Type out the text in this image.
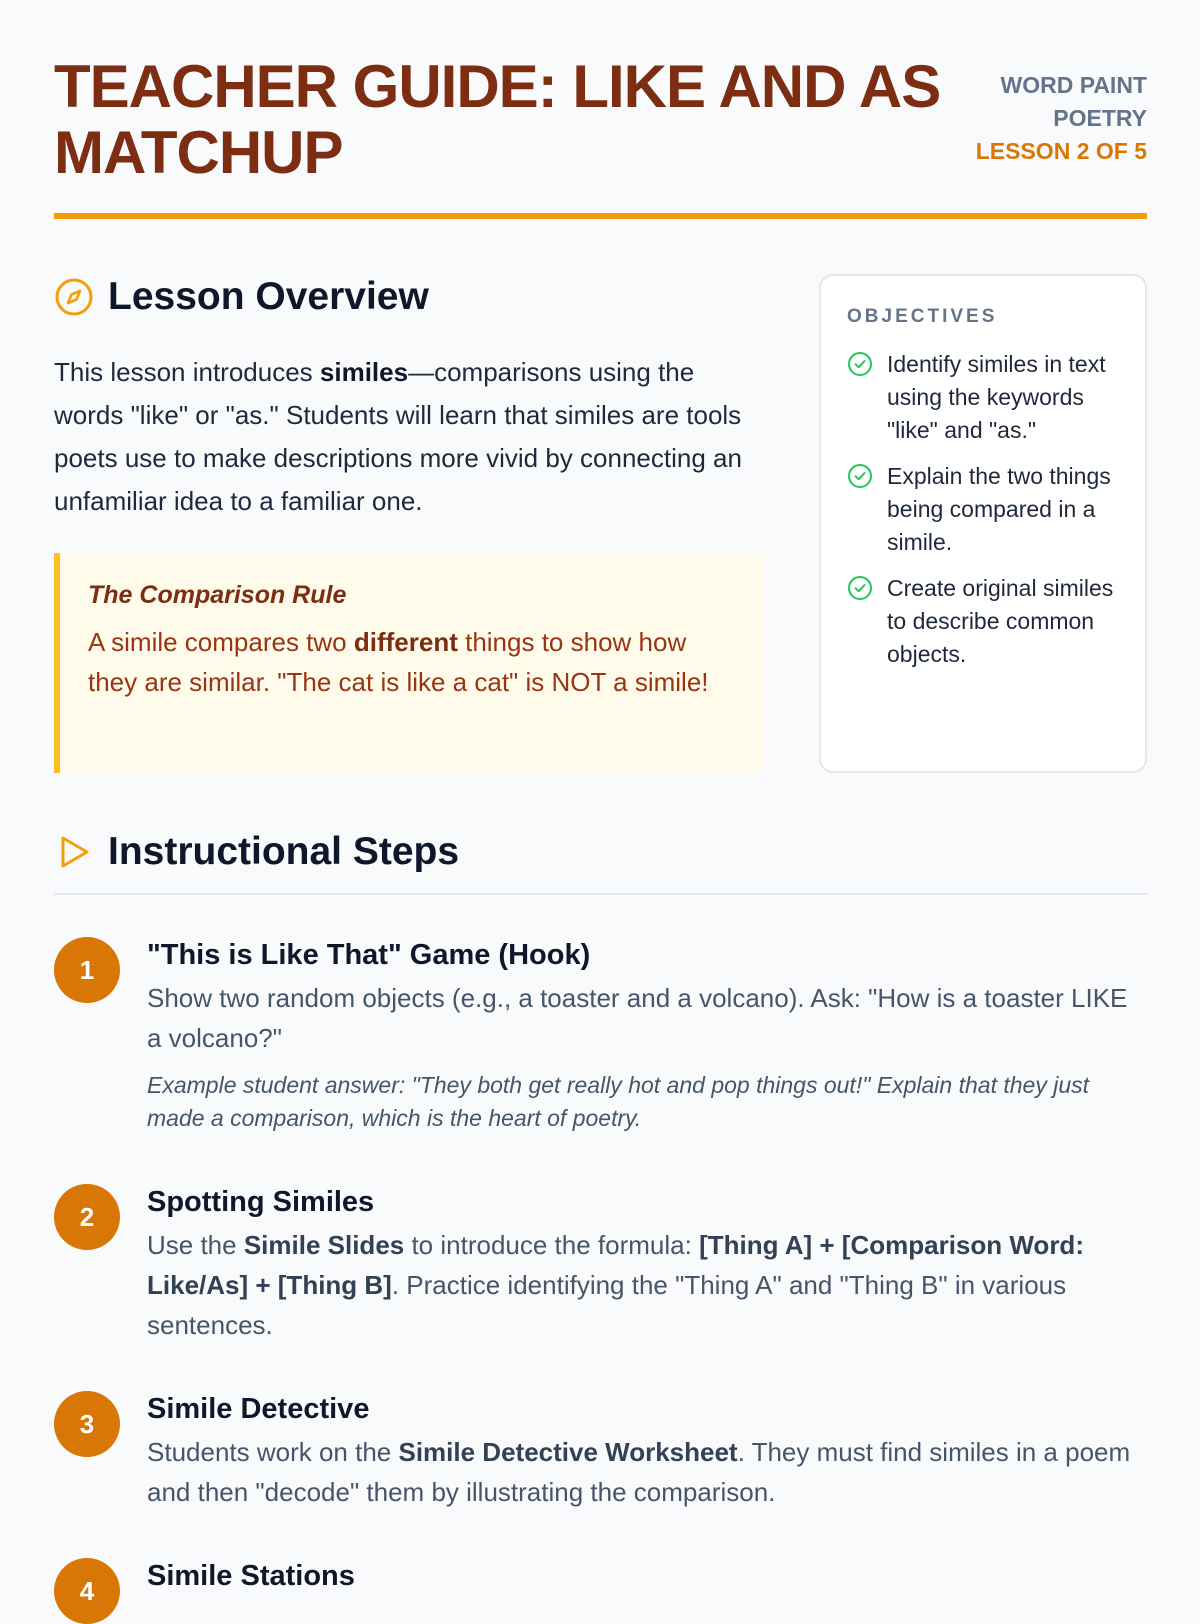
TEACHER GUIDE: LIKE AND AS MATCHUP
WORD PAINT POETRY
LESSON 2 OF 5
Lesson Overview

This lesson introduces similes—comparisons using the words "like" or "as." Students will learn that similes are tools poets use to make descriptions more vivid by connecting an unfamiliar idea to a familiar one.

The Comparison Rule
A simile compares two different things to show how they are similar. "The cat is like a cat" is NOT a simile!
OBJECTIVES
Identify similes in text using the keywords "like" and "as."
Explain the two things being compared in a simile.
Create original similes to describe common objects.
Instructional Steps
1	"This is Like That" Game (Hook)
Show two random objects (e.g., a toaster and a volcano). Ask: "How is a toaster LIKE a volcano?"
Example student answer: "They both get really hot and pop things out!" Explain that they just made a comparison, which is the heart of poetry.
2	Spotting Similes
Use the Simile Slides to introduce the formula: [Thing A] + [Comparison Word: Like/As] + [Thing B]. Practice identifying the "Thing A" and "Thing B" in various sentences.
3	Simile Detective
Students work on the Simile Detective Worksheet. They must find similes in a poem and then "decode" them by illustrating the comparison.
4	Simile Stations
